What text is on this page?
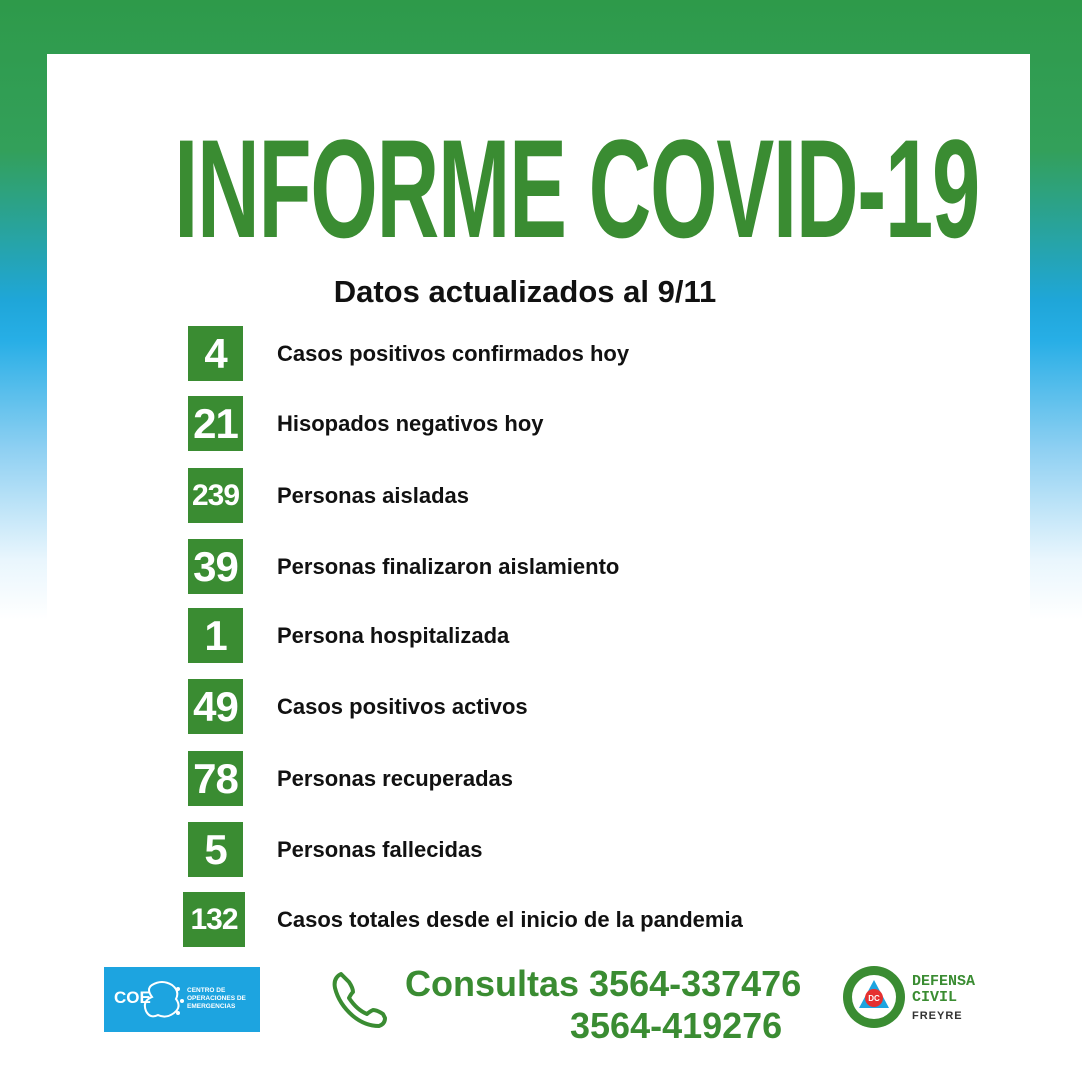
INFORME COVID-19
Datos actualizados al 9/11
4	Casos positivos confirmados hoy
21 Hisopados negativos hoy
239 Personas aisladas
39 Personas finalizaron aislamiento
1	Persona hospitalizada
49 Casos positivos activos
78 Personas recuperadas
5	Personas fallecidas
132	Casos totales desde el inicio de la pandemia
COE	CENTRO DE OPERACIONES DE EMERGENCIAS
Consultas 3564-337476
3564-419276
DC
DEFENSA
CIVIL
FREYRE
